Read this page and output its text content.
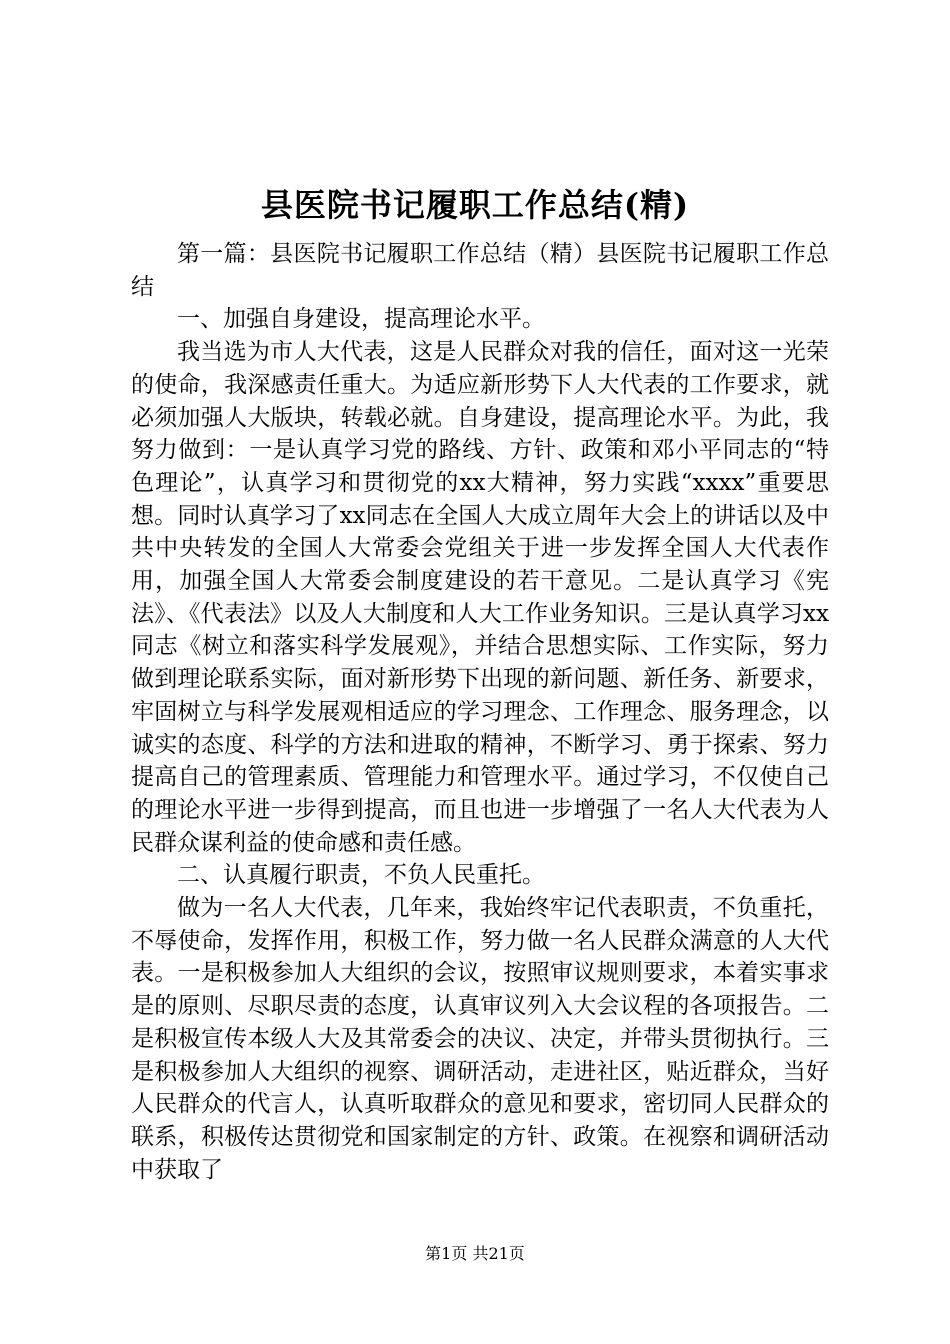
县医院书记履职工作总结(精)

第一篇：县医院书记履职工作总结（精）县医院书记履职工作总结

一、加强自身建设，提高理论水平。

我当选为市人大代表，这是人民群众对我的信任，面对这一光荣的使命，我深感责任重大。为适应新形势下人大代表的工作要求，就必须加强人大版块，转载必就。自身建设，提高理论水平。为此，我努力做到：一是认真学习党的路线、方针、政策和邓小平同志的“特色理论”，认真学习和贯彻党的xx大精神，努力实践“xxxx”重要思想。同时认真学习了xx同志在全国人大成立周年大会上的讲话以及中共中央转发的全国人大常委会党组关于进一步发挥全国人大代表作用，加强全国人大常委会制度建设的若干意见。二是认真学习《宪法》、《代表法》以及人大制度和人大工作业务知识。三是认真学习xx同志《树立和落实科学发展观》，并结合思想实际、工作实际，努力做到理论联系实际，面对新形势下出现的新问题、新任务、新要求，牢固树立与科学发展观相适应的学习理念、工作理念、服务理念，以诚实的态度、科学的方法和进取的精神，不断学习、勇于探索、努力提高自己的管理素质、管理能力和管理水平。通过学习，不仅使自己的理论水平进一步得到提高，而且也进一步增强了一名人大代表为人民群众谋利益的使命感和责任感。

二、认真履行职责，不负人民重托。

做为一名人大代表，几年来，我始终牢记代表职责，不负重托，不辱使命，发挥作用，积极工作，努力做一名人民群众满意的人大代表。一是积极参加人大组织的会议，按照审议规则要求，本着实事求是的原则、尽职尽责的态度，认真审议列入大会议程的各项报告。二是积极宣传本级人大及其常委会的决议、决定，并带头贯彻执行。三是积极参加人大组织的视察、调研活动，走进社区，贴近群众，当好人民群众的代言人，认真听取群众的意见和要求，密切同人民群众的联系，积极传达贯彻党和国家制定的方针、政策。在视察和调研活动中获取了

第1页 共21页
